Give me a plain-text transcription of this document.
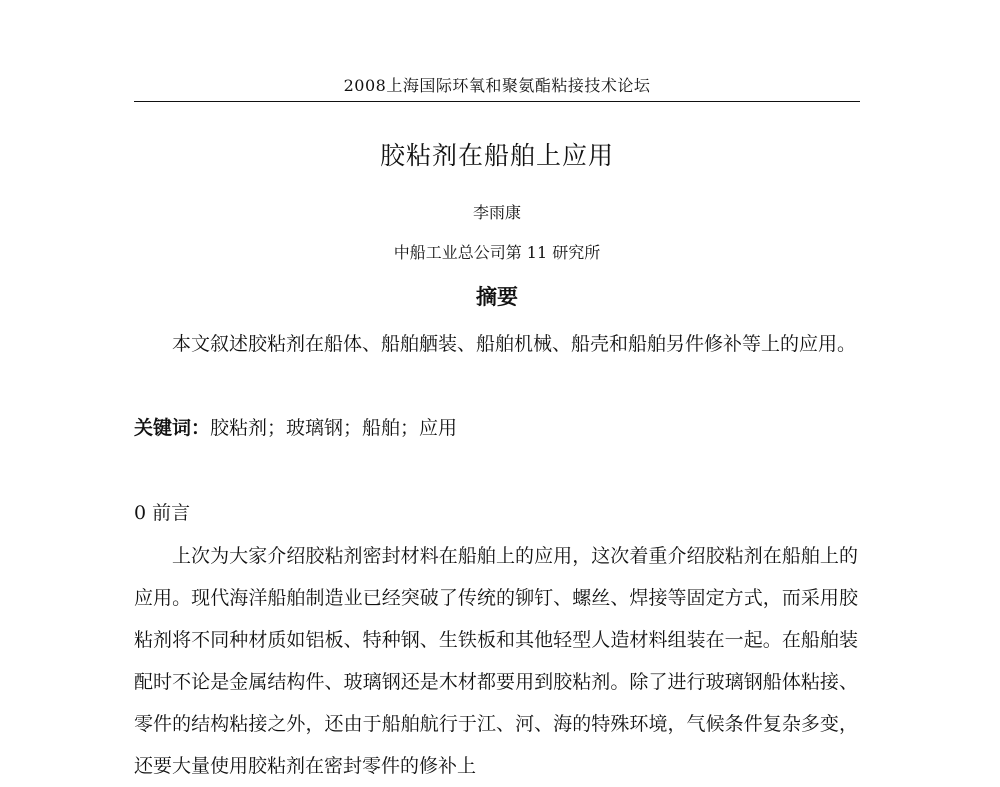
2008上海国际环氧和聚氨酯粘接技术论坛
胶粘剂在船舶上应用
李雨康
中船工业总公司第 11 研究所
摘要

本文叙述胶粘剂在船体、船舶舾装、船舶机械、船壳和船舶另件修补等上的应用。

关键词：胶粘剂；玻璃钢；船舶；应用

0 前言

上次为大家介绍胶粘剂密封材料在船舶上的应用，这次着重介绍胶粘剂在船舶上的应用。现代海洋船舶制造业已经突破了传统的铆钉、螺丝、焊接等固定方式，而采用胶粘剂将不同种材质如铝板、特种钢、生铁板和其他轻型人造材料组装在一起。在船舶装配时不论是金属结构件、玻璃钢还是木材都要用到胶粘剂。除了进行玻璃钢船体粘接、零件的结构粘接之外，还由于船舶航行于江、河、海的特殊环境，气候条件复杂多变，还要大量使用胶粘剂在密封零件的修补上
